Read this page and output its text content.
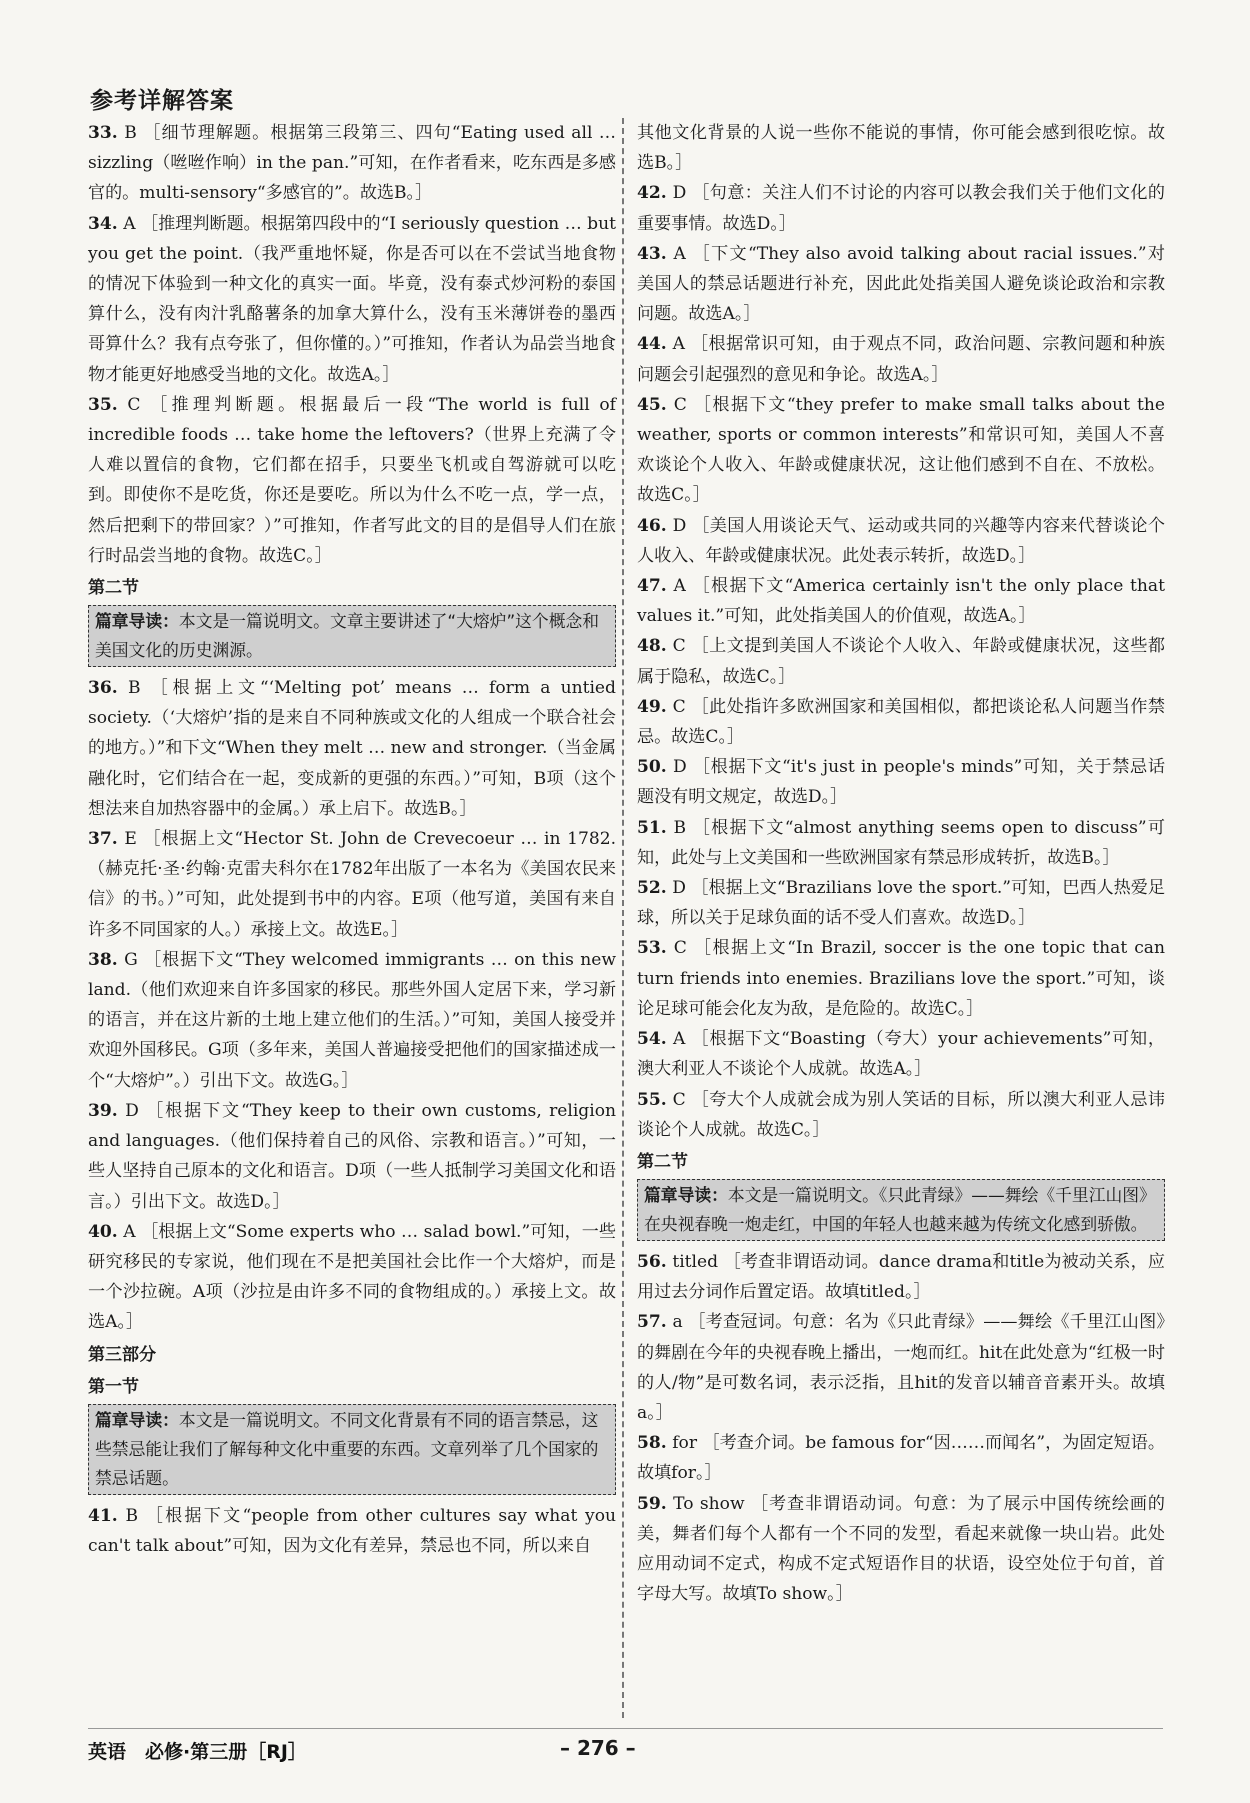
参考详解答案

33. B ［细节理解题。根据第三段第三、四句“Eating used all … sizzling（咝咝作响）in the pan.”可知，在作者看来，吃东西是多感官的。multi-sensory“多感官的”。故选B。］

34. A ［推理判断题。根据第四段中的“I seriously question … but you get the point.（我严重地怀疑，你是否可以在不尝试当地食物的情况下体验到一种文化的真实一面。毕竟，没有泰式炒河粉的泰国算什么，没有肉汁乳酪薯条的加拿大算什么，没有玉米薄饼卷的墨西哥算什么？我有点夸张了，但你懂的。）”可推知，作者认为品尝当地食物才能更好地感受当地的文化。故选A。］

35. C ［推理判断题。根据最后一段“The world is full of incredible foods … take home the leftovers?（世界上充满了令人难以置信的食物，它们都在招手，只要坐飞机或自驾游就可以吃到。即使你不是吃货，你还是要吃。所以为什么不吃一点，学一点，然后把剩下的带回家？）”可推知，作者写此文的目的是倡导人们在旅行时品尝当地的食物。故选C。］

第二节
篇章导读：本文是一篇说明文。文章主要讲述了“大熔炉”这个概念和美国文化的历史渊源。

36. B ［根据上文“‘Melting pot’ means … form a untied society.（‘大熔炉’指的是来自不同种族或文化的人组成一个联合社会的地方。）”和下文“When they melt … new and stronger.（当金属融化时，它们结合在一起，变成新的更强的东西。）”可知，B项（这个想法来自加热容器中的金属。）承上启下。故选B。］

37. E ［根据上文“Hector St. John de Crevecoeur … in 1782.（赫克托·圣·约翰·克雷夫科尔在1782年出版了一本名为《美国农民来信》的书。）”可知，此处提到书中的内容。E项（他写道，美国有来自许多不同国家的人。）承接上文。故选E。］

38. G ［根据下文“They welcomed immigrants … on this new land.（他们欢迎来自许多国家的移民。那些外国人定居下来，学习新的语言，并在这片新的土地上建立他们的生活。）”可知，美国人接受并欢迎外国移民。G项（多年来，美国人普遍接受把他们的国家描述成一个“大熔炉”。）引出下文。故选G。］

39. D ［根据下文“They keep to their own customs, religion and languages.（他们保持着自己的风俗、宗教和语言。）”可知，一些人坚持自己原本的文化和语言。D项（一些人抵制学习美国文化和语言。）引出下文。故选D。］

40. A ［根据上文“Some experts who … salad bowl.”可知，一些研究移民的专家说，他们现在不是把美国社会比作一个大熔炉，而是一个沙拉碗。A项（沙拉是由许多不同的食物组成的。）承接上文。故选A。］

第三部分
第一节
篇章导读：本文是一篇说明文。不同文化背景有不同的语言禁忌，这些禁忌能让我们了解每种文化中重要的东西。文章列举了几个国家的禁忌话题。

41. B ［根据下文“people from other cultures say what you can't talk about”可知，因为文化有差异，禁忌也不同，所以来自

其他文化背景的人说一些你不能说的事情，你可能会感到很吃惊。故选B。］

42. D ［句意：关注人们不讨论的内容可以教会我们关于他们文化的重要事情。故选D。］

43. A ［下文“They also avoid talking about racial issues.”对美国人的禁忌话题进行补充，因此此处指美国人避免谈论政治和宗教问题。故选A。］

44. A ［根据常识可知，由于观点不同，政治问题、宗教问题和种族问题会引起强烈的意见和争论。故选A。］

45. C ［根据下文“they prefer to make small talks about the weather, sports or common interests”和常识可知，美国人不喜欢谈论个人收入、年龄或健康状况，这让他们感到不自在、不放松。故选C。］

46. D ［美国人用谈论天气、运动或共同的兴趣等内容来代替谈论个人收入、年龄或健康状况。此处表示转折，故选D。］

47. A ［根据下文“America certainly isn't the only place that values it.”可知，此处指美国人的价值观，故选A。］

48. C ［上文提到美国人不谈论个人收入、年龄或健康状况，这些都属于隐私，故选C。］

49. C ［此处指许多欧洲国家和美国相似，都把谈论私人问题当作禁忌。故选C。］

50. D ［根据下文“it's just in people's minds”可知，关于禁忌话题没有明文规定，故选D。］

51. B ［根据下文“almost anything seems open to discuss”可知，此处与上文美国和一些欧洲国家有禁忌形成转折，故选B。］

52. D ［根据上文“Brazilians love the sport.”可知，巴西人热爱足球，所以关于足球负面的话不受人们喜欢。故选D。］

53. C ［根据上文“In Brazil, soccer is the one topic that can turn friends into enemies. Brazilians love the sport.”可知，谈论足球可能会化友为敌，是危险的。故选C。］

54. A ［根据下文“Boasting（夸大）your achievements”可知，澳大利亚人不谈论个人成就。故选A。］

55. C ［夸大个人成就会成为别人笑话的目标，所以澳大利亚人忌讳谈论个人成就。故选C。］

第二节
篇章导读：本文是一篇说明文。《只此青绿》——舞绘《千里江山图》在央视春晚一炮走红，中国的年轻人也越来越为传统文化感到骄傲。

56. titled ［考查非谓语动词。dance drama和title为被动关系，应用过去分词作后置定语。故填titled。］

57. a ［考查冠词。句意：名为《只此青绿》——舞绘《千里江山图》的舞剧在今年的央视春晚上播出，一炮而红。hit在此处意为“红极一时的人/物”是可数名词，表示泛指，且hit的发音以辅音音素开头。故填a。］

58. for ［考查介词。be famous for“因……而闻名”，为固定短语。故填for。］

59. To show ［考查非谓语动词。句意：为了展示中国传统绘画的美，舞者们每个人都有一个不同的发型，看起来就像一块山岩。此处应用动词不定式，构成不定式短语作目的状语，设空处位于句首，首字母大写。故填To show。］

英语　必修·第三册［RJ］	– 276 –
